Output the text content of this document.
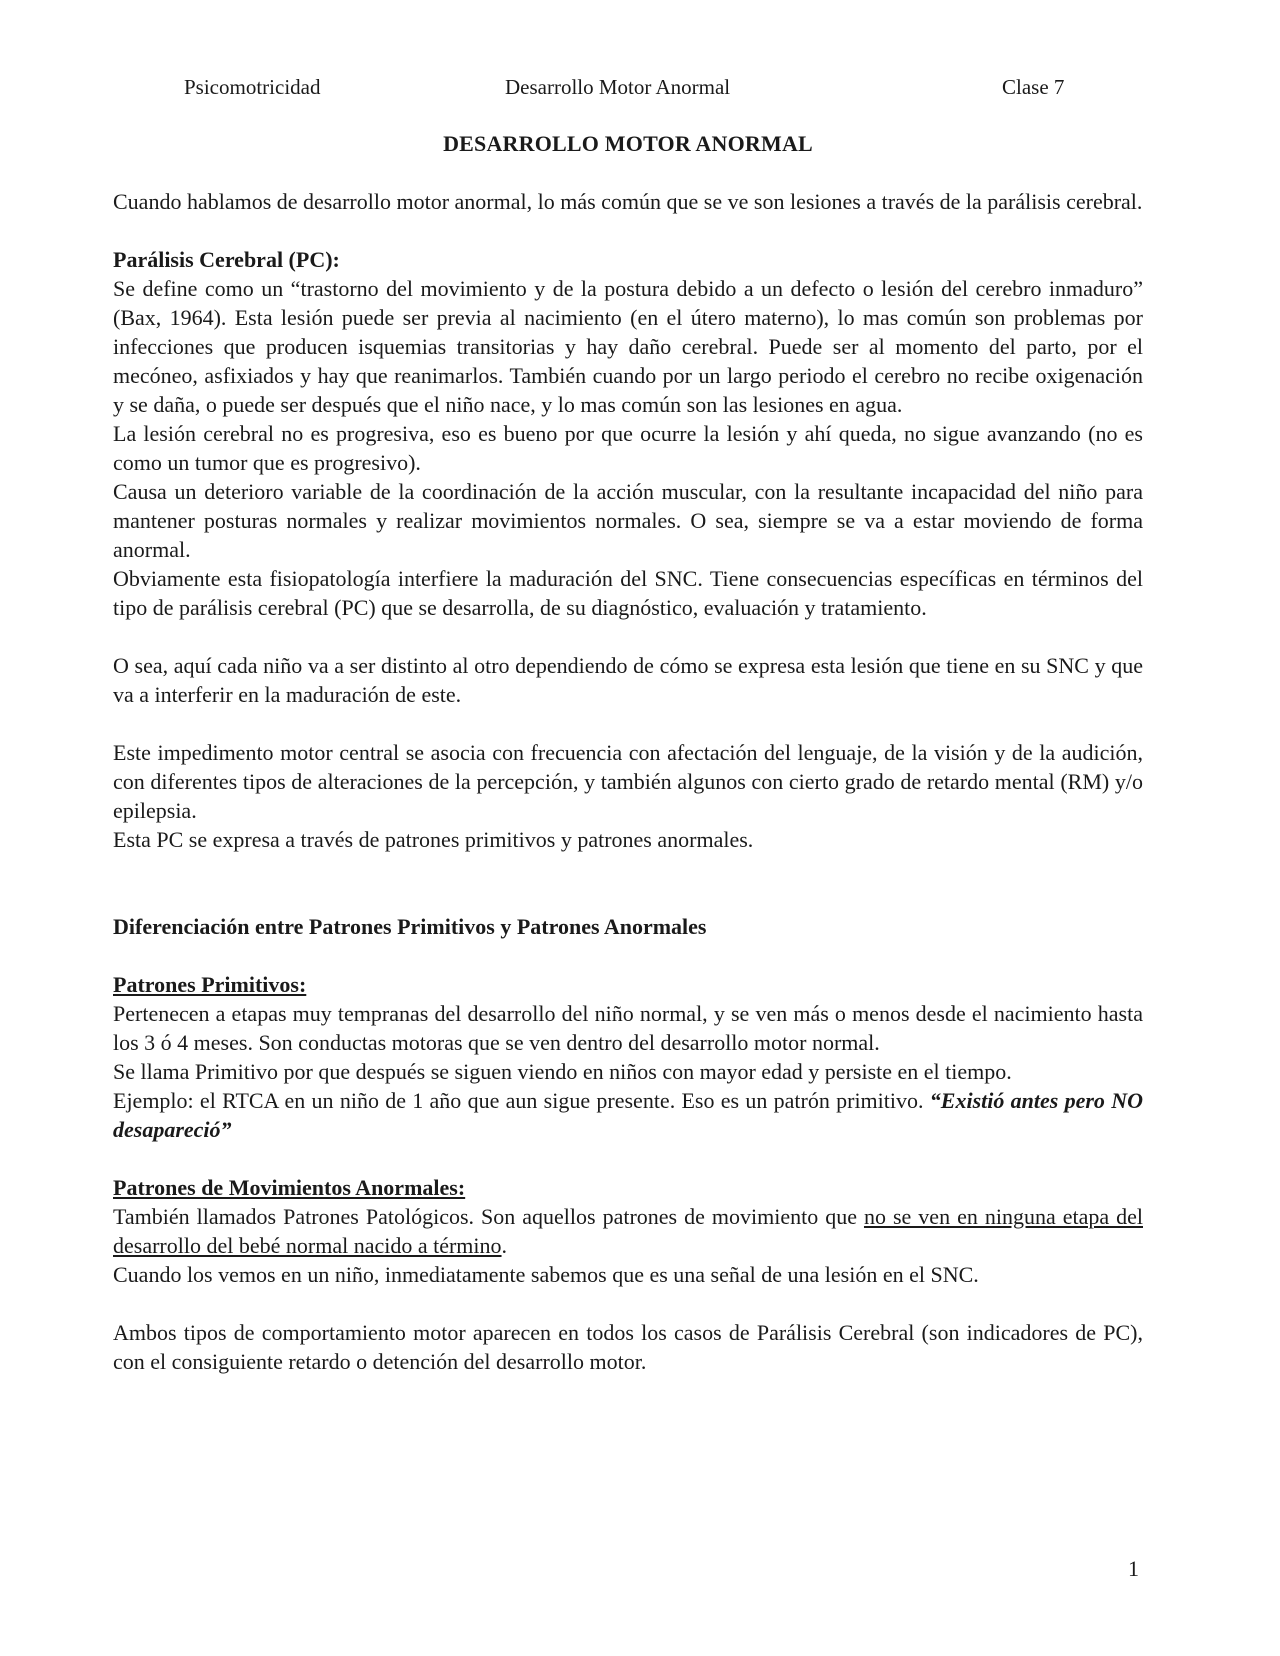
Psicomotricidad	Desarrollo Motor Anormal	Clase 7
DESARROLLO MOTOR ANORMAL

Cuando hablamos de desarrollo motor anormal, lo más común que se ve son lesiones a través de la parálisis cerebral.

Parálisis Cerebral (PC):

Se define como un “trastorno del movimiento y de la postura debido a un defecto o lesión del cerebro inmaduro” (Bax, 1964). Esta lesión puede ser previa al nacimiento (en el útero materno), lo mas común son problemas por infecciones que producen isquemias transitorias y hay daño cerebral. Puede ser al momento del parto, por el mecóneo, asfixiados y hay que reanimarlos. También cuando por un largo periodo el cerebro no recibe oxigenación y se daña, o puede ser después que el niño nace, y lo mas común son las lesiones en agua.

La lesión cerebral no es progresiva, eso es bueno por que ocurre la lesión y ahí queda, no sigue avanzando (no es como un tumor que es progresivo).

Causa un deterioro variable de la coordinación de la acción muscular, con la resultante incapacidad del niño para mantener posturas normales y realizar movimientos normales. O sea, siempre se va a estar moviendo de forma anormal.

Obviamente esta fisiopatología interfiere la maduración del SNC. Tiene consecuencias específicas en términos del tipo de parálisis cerebral (PC) que se desarrolla, de su diagnóstico, evaluación y tratamiento.

O sea, aquí cada niño va a ser distinto al otro dependiendo de cómo se expresa esta lesión que tiene en su SNC y que va a interferir en la maduración de este.

Este impedimento motor central se asocia con frecuencia con afectación del lenguaje, de la visión y de la audición, con diferentes tipos de alteraciones de la percepción, y también algunos con cierto grado de retardo mental (RM) y/o epilepsia.

Esta PC se expresa a través de patrones primitivos y patrones anormales.

Diferenciación entre Patrones Primitivos y Patrones Anormales

Patrones Primitivos:

Pertenecen a etapas muy tempranas del desarrollo del niño normal, y se ven más o menos desde el nacimiento hasta los 3 ó 4 meses. Son conductas motoras que se ven dentro del desarrollo motor normal.

Se llama Primitivo por que después se siguen viendo en niños con mayor edad y persiste en el tiempo.

Ejemplo: el RTCA en un niño de 1 año que aun sigue presente. Eso es un patrón primitivo. “Existió antes pero NO desapareció”

Patrones de Movimientos Anormales:

También llamados Patrones Patológicos. Son aquellos patrones de movimiento que no se ven en ninguna etapa del desarrollo del bebé normal nacido a término.

Cuando los vemos en un niño, inmediatamente sabemos que es una señal de una lesión en el SNC.

Ambos tipos de comportamiento motor aparecen en todos los casos de Parálisis Cerebral (son indicadores de PC), con el consiguiente retardo o detención del desarrollo motor.

1
